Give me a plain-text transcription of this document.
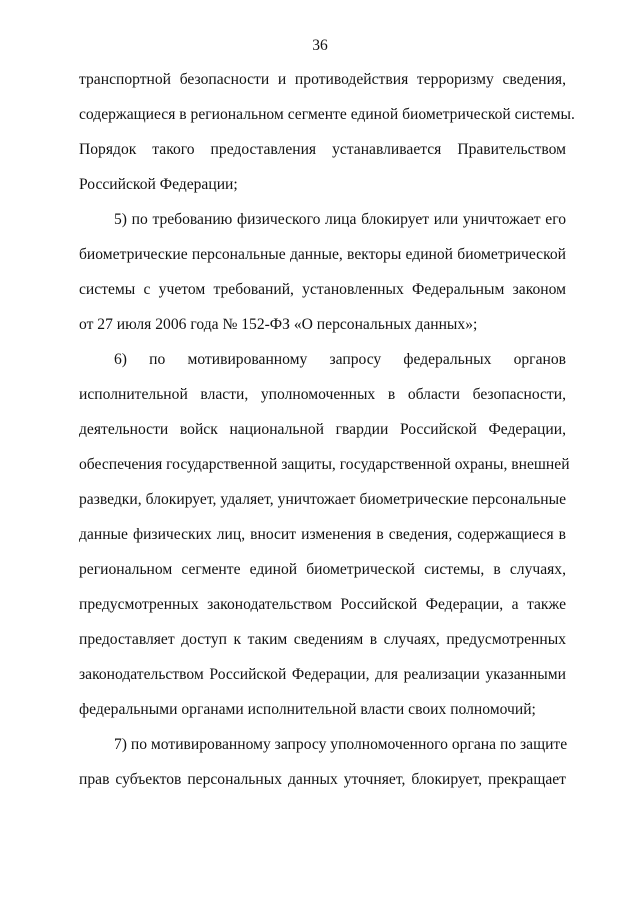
36
транспортной безопасности и противодействия терроризму сведения,
содержащиеся в региональном сегменте единой биометрической системы.
Порядок такого предоставления устанавливается Правительством
Российской Федерации;
5) по требованию физического лица блокирует или уничтожает его
биометрические персональные данные, векторы единой биометрической
системы с учетом требований, установленных Федеральным законом
от 27 июля 2006 года № 152-ФЗ «О персональных данных»;
6) по мотивированному запросу федеральных органов
исполнительной власти, уполномоченных в области безопасности,
деятельности войск национальной гвардии Российской Федерации,
обеспечения государственной защиты, государственной охраны, внешней
разведки, блокирует, удаляет, уничтожает биометрические персональные
данные физических лиц, вносит изменения в сведения, содержащиеся в
региональном сегменте единой биометрической системы, в случаях,
предусмотренных законодательством Российской Федерации, а также
предоставляет доступ к таким сведениям в случаях, предусмотренных
законодательством Российской Федерации, для реализации указанными
федеральными органами исполнительной власти своих полномочий;
7) по мотивированному запросу уполномоченного органа по защите
прав субъектов персональных данных уточняет, блокирует, прекращает
